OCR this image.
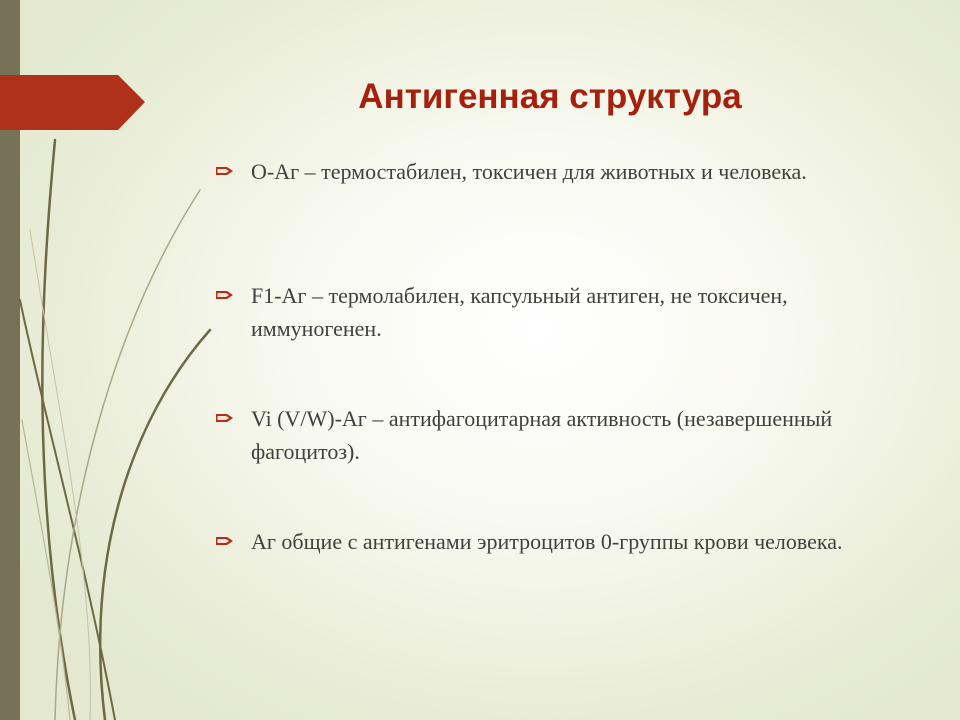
Антигенная структура
О-Аг – термостабилен, токсичен для животных и человека.
F1-Аг – термолабилен, капсульный антиген, не токсичен, иммуногенен.
Vi (V/W)-Аг – антифагоцитарная активность (незавершенный фагоцитоз).
Аг общие с антигенами эритроцитов 0-группы крови человека.
